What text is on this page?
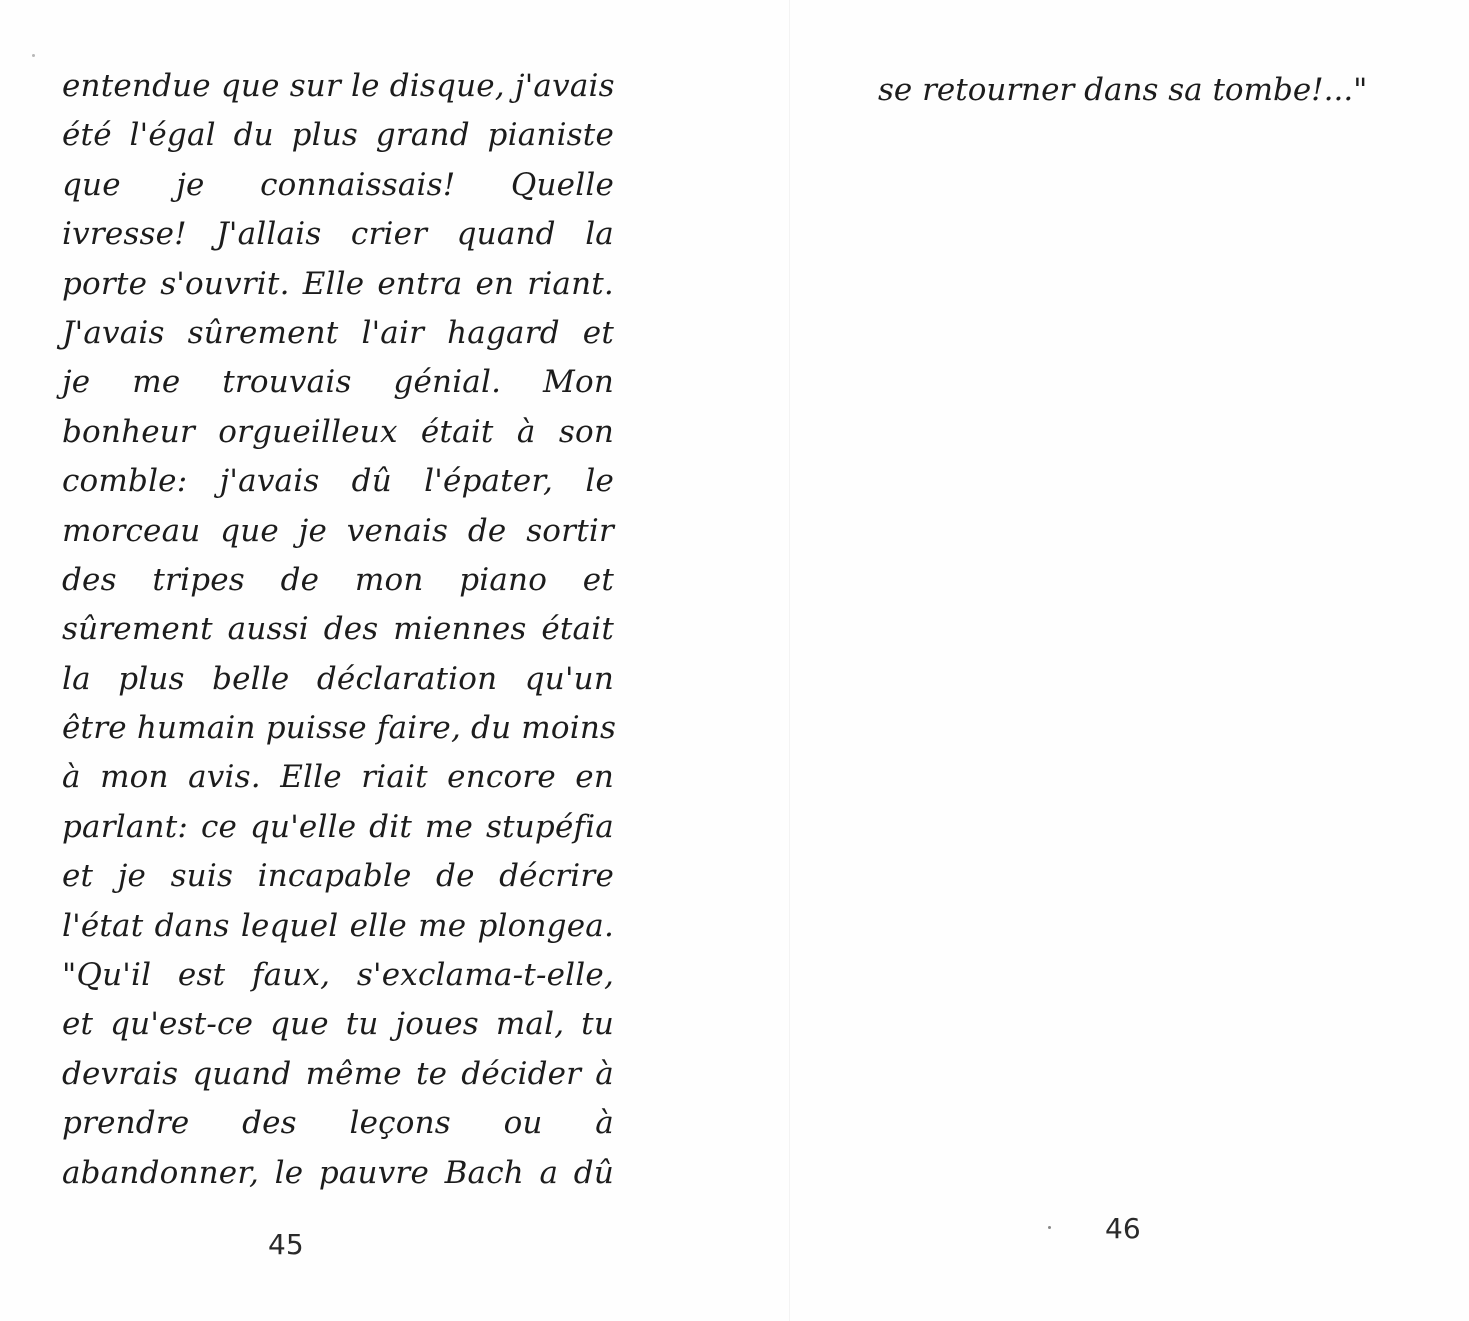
entendue que sur le disque, j'avais
été l'égal du plus grand pianiste
que je connaissais! Quelle
ivresse! J'allais crier quand la
porte s'ouvrit. Elle entra en riant.
J'avais sûrement l'air hagard et
je me trouvais génial. Mon
bonheur orgueilleux était à son
comble: j'avais dû l'épater, le
morceau que je venais de sortir
des tripes de mon piano et
sûrement aussi des miennes était
la plus belle déclaration qu'un
être humain puisse faire, du moins
à mon avis. Elle riait encore en
parlant: ce qu'elle dit me stupéfia
et je suis incapable de décrire
l'état dans lequel elle me plongea.
"Qu'il est faux, s'exclama-t-elle,
et qu'est-ce que tu joues mal, tu
devrais quand même te décider à
prendre des leçons ou à
abandonner, le pauvre Bach a dû
45
se retourner dans sa tombe!..."
46
